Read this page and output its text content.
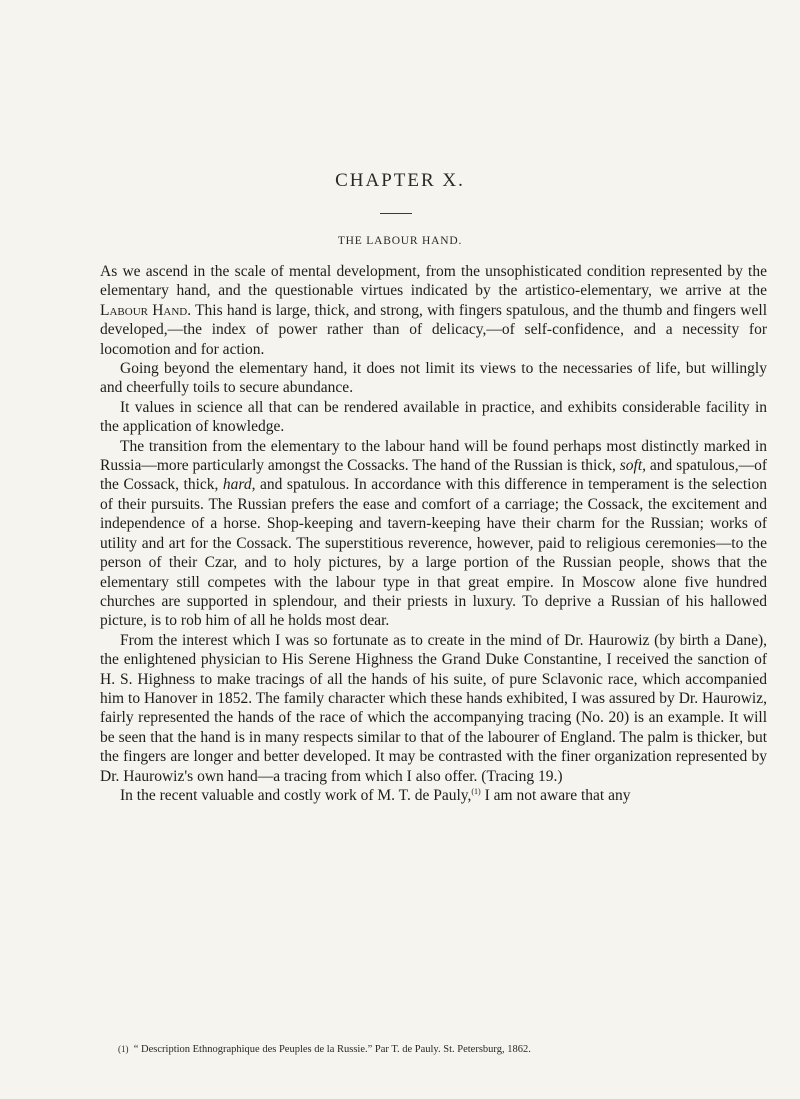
CHAPTER X.
THE LABOUR HAND.

As we ascend in the scale of mental development, from the unsophisticated condition represented by the elementary hand, and the questionable virtues indicated by the artistico-elementary, we arrive at the Labour Hand. This hand is large, thick, and strong, with fingers spatulous, and the thumb and fingers well developed,—the index of power rather than of delicacy,—of self-confidence, and a necessity for locomotion and for action.

Going beyond the elementary hand, it does not limit its views to the necessaries of life, but willingly and cheerfully toils to secure abundance.

It values in science all that can be rendered available in practice, and exhibits considerable facility in the application of knowledge.

The transition from the elementary to the labour hand will be found perhaps most distinctly marked in Russia—more particularly amongst the Cossacks. The hand of the Russian is thick, soft, and spatulous,—of the Cossack, thick, hard, and spatulous. In accordance with this difference in temperament is the selection of their pursuits. The Russian prefers the ease and comfort of a carriage; the Cossack, the excitement and independence of a horse. Shop-keeping and tavern-keeping have their charm for the Russian; works of utility and art for the Cossack. The superstitious reverence, however, paid to religious ceremonies—to the person of their Czar, and to holy pictures, by a large portion of the Russian people, shows that the elementary still competes with the labour type in that great empire. In Moscow alone five hundred churches are supported in splendour, and their priests in luxury. To deprive a Russian of his hallowed picture, is to rob him of all he holds most dear.

From the interest which I was so fortunate as to create in the mind of Dr. Haurowiz (by birth a Dane), the enlightened physician to His Serene Highness the Grand Duke Constantine, I received the sanction of H. S. Highness to make tracings of all the hands of his suite, of pure Sclavonic race, which accompanied him to Hanover in 1852. The family character which these hands exhibited, I was assured by Dr. Haurowiz, fairly represented the hands of the race of which the accompanying tracing (No. 20) is an example. It will be seen that the hand is in many respects similar to that of the labourer of England. The palm is thicker, but the fingers are longer and better developed. It may be contrasted with the finer organization represented by Dr. Haurowiz's own hand—a tracing from which I also offer. (Tracing 19.)

In the recent valuable and costly work of M. T. de Pauly,$^{(1)}$ I am not aware that any

(1) “ Description Ethnographique des Peuples de la Russie.” Par T. de Pauly. St. Petersburg, 1862.
